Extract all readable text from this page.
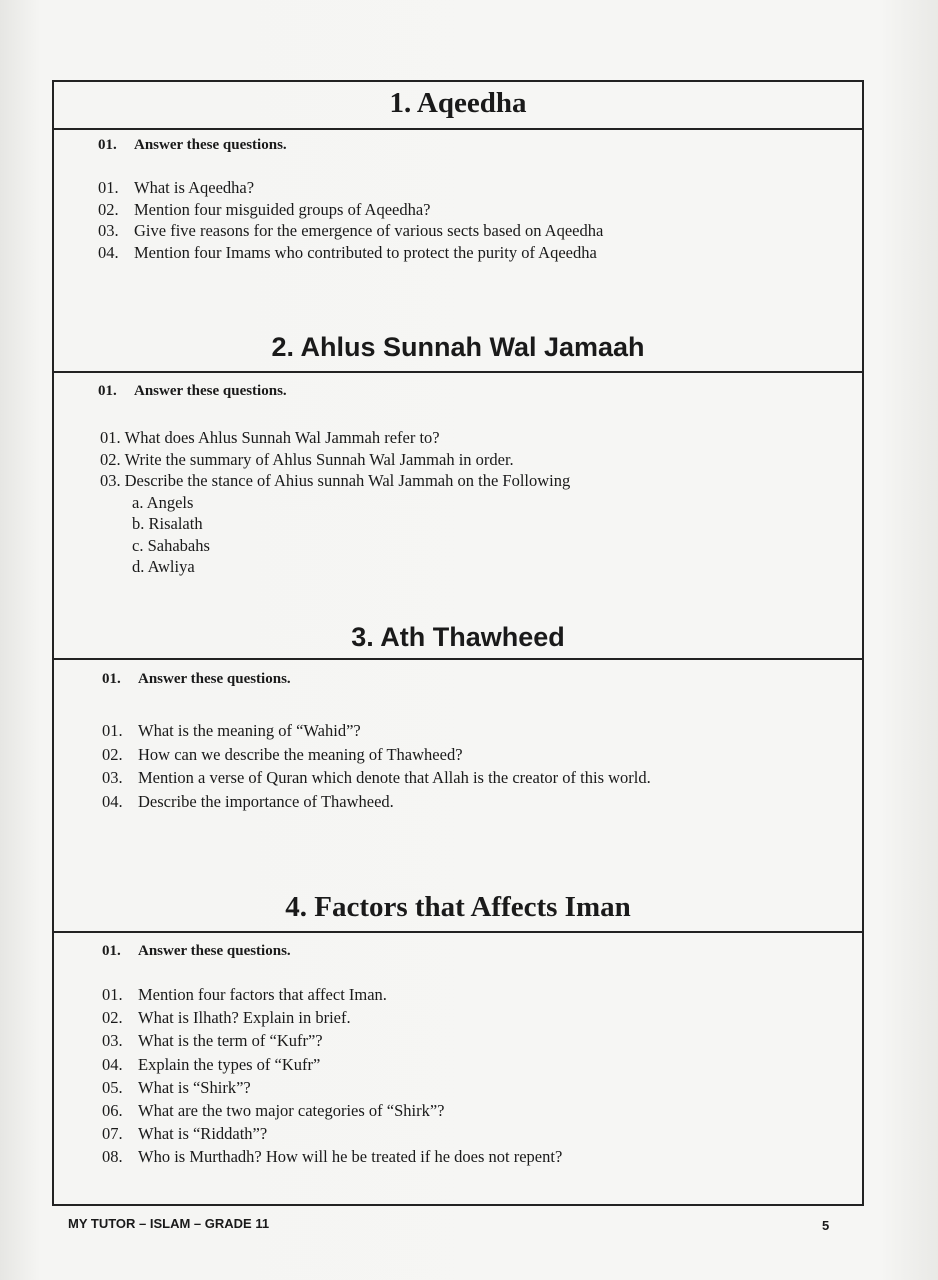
1. Aqeedha
01. Answer these questions.
01. What is Aqeedha?
02. Mention four misguided groups of Aqeedha?
03. Give five reasons for the emergence of various sects based on Aqeedha
04. Mention four Imams who contributed to protect the purity of Aqeedha
2. Ahlus Sunnah Wal Jamaah
01. Answer these questions.
01. What does Ahlus Sunnah Wal Jammah refer to?
02. Write the summary of Ahlus Sunnah Wal Jammah in order.
03. Describe the stance of Ahius sunnah Wal Jammah on the Following
a. Angels
b. Risalath
c. Sahabahs
d. Awliya
3. Ath Thawheed
01. Answer these questions.
01. What is the meaning of “Wahid”?
02. How can we describe the meaning of Thawheed?
03. Mention a verse of Quran which denote that Allah is the creator of this world.
04. Describe the importance of Thawheed.
4. Factors that Affects Iman
01. Answer these questions.
01. Mention four factors that affect Iman.
02. What is Ilhath? Explain in brief.
03. What is the term of “Kufr”?
04. Explain the types of “Kufr”
05. What is “Shirk”?
06. What are the two major categories of “Shirk”?
07. What is “Riddath”?
08. Who is Murthadh? How will he be treated if he does not repent?
MY TUTOR – ISLAM – GRADE 11	5
